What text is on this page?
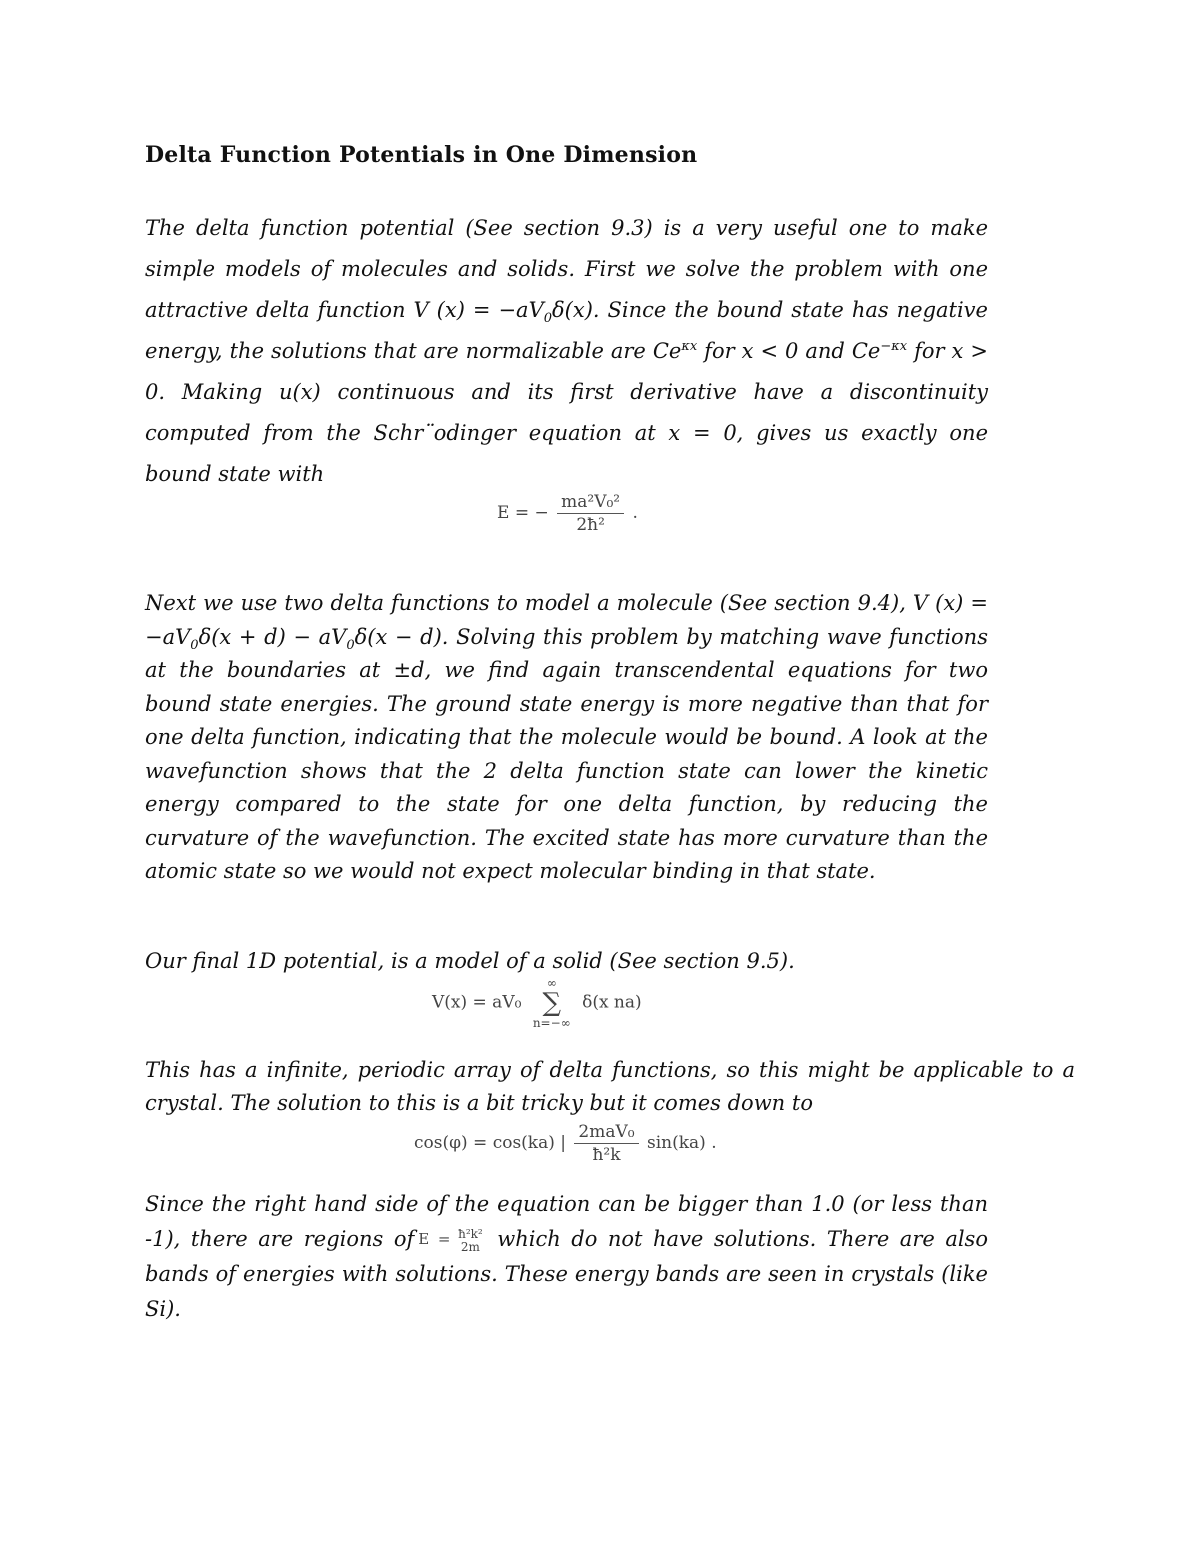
Delta Function Potentials in One Dimension
The delta function potential (See section 9.3) is a very useful one to make simple models of molecules and solids. First we solve the problem with one attractive delta function V $(x) = -aV_0\delta(x)$. Since the bound state has negative energy, the solutions that are normalizable are $Ce^{\kappa x}$ for x < 0 and $Ce^{-\kappa x}$ for x > 0. Making u(x) continuous and its first derivative have a discontinuity computed from the Schr¨odinger equation at x = 0, gives us exactly one bound state with
E = − $\frac{\text{ma²V₀²}}{\text{2ħ²}}$ .
Next we use two delta functions to model a molecule (See section 9.4), V $(x) = -aV_0\delta(x + d) - aV_0\delta(x - d)$. Solving this problem by matching wave functions at the boundaries at ±d, we find again transcendental equations for two bound state energies. The ground state energy is more negative than that for one delta function, indicating that the molecule would be bound. A look at the wavefunction shows that the 2 delta function state can lower the kinetic energy compared to the state for one delta function, by reducing the curvature of the wavefunction. The excited state has more curvature than the atomic state so we would not expect molecular binding in that state.
Our final 1D potential, is a model of a solid (See section 9.5).
V(x) = aV₀
∞
∑
n=−∞
δ(x na)
This has a infinite, periodic array of delta functions, so this might be applicable to a crystal. The solution to this is a bit tricky but it comes down to
cos(φ) = cos(ka) | $\frac{\text{2maV₀}}{\text{ħ²k}} \sin(ka)$ .
Since the right hand side of the equation can be bigger than 1.0 (or less than -1), there are regions of E = ħ²k²
2m which do not have solutions. There are also bands of energies with solutions. These energy bands are seen in crystals (like Si).
